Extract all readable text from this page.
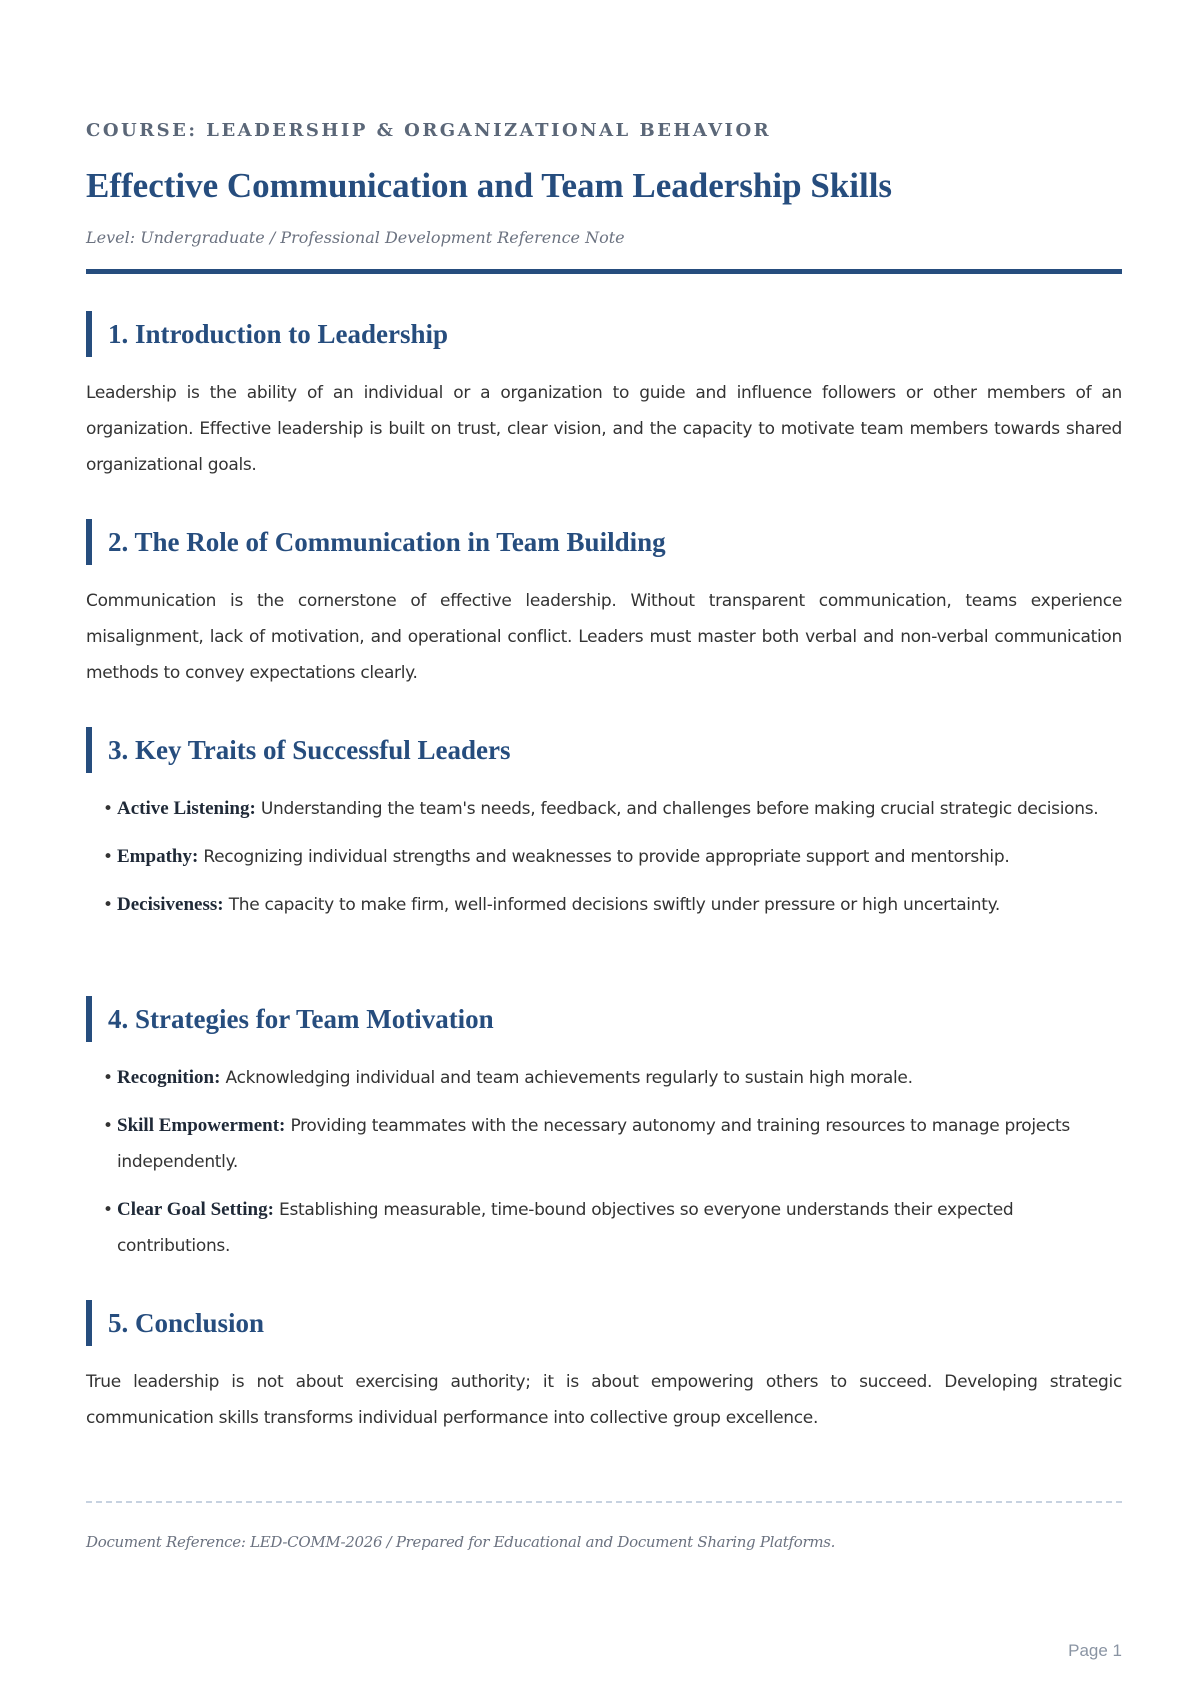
COURSE: LEADERSHIP & ORGANIZATIONAL BEHAVIOR
Effective Communication and Team Leadership Skills
Level: Undergraduate / Professional Development Reference Note
1. Introduction to Leadership

Leadership is the ability of an individual or a organization to guide and influence followers or other members of an organization. Effective leadership is built on trust, clear vision, and the capacity to motivate team members towards shared organizational goals.

2. The Role of Communication in Team Building

Communication is the cornerstone of effective leadership. Without transparent communication, teams experience misalignment, lack of motivation, and operational conflict. Leaders must master both verbal and non-verbal communication methods to convey expectations clearly.

3. Key Traits of Successful Leaders
• Active Listening: Understanding the team's needs, feedback, and challenges before making crucial strategic decisions.
• Empathy: Recognizing individual strengths and weaknesses to provide appropriate support and mentorship.
• Decisiveness: The capacity to make firm, well-informed decisions swiftly under pressure or high uncertainty.
4. Strategies for Team Motivation
• Recognition: Acknowledging individual and team achievements regularly to sustain high morale.
• Skill Empowerment: Providing teammates with the necessary autonomy and training resources to manage projects independently.
• Clear Goal Setting: Establishing measurable, time-bound objectives so everyone understands their expected contributions.
5. Conclusion

True leadership is not about exercising authority; it is about empowering others to succeed. Developing strategic communication skills transforms individual performance into collective group excellence.

Document Reference: LED-COMM-2026 / Prepared for Educational and Document Sharing Platforms.
Page 1
